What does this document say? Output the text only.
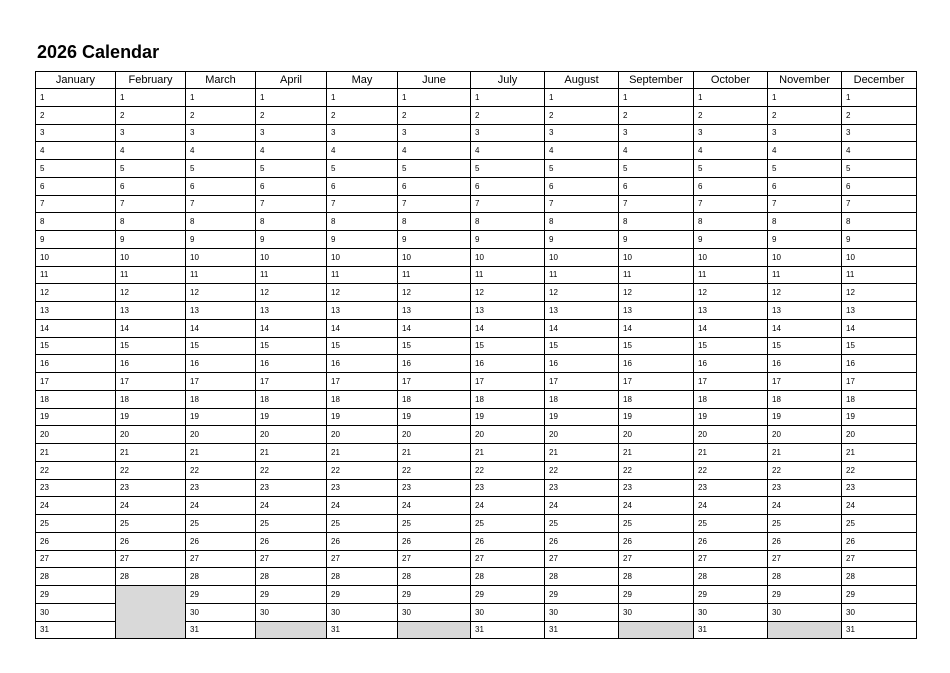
2026 Calendar
January	February	March	April	May	June	July	August	September	October	November	December
1	1	1	1	1	1	1	1	1	1	1	1
2	2	2	2	2	2	2	2	2	2	2	2
3	3	3	3	3	3	3	3	3	3	3	3
4	4	4	4	4	4	4	4	4	4	4	4
5	5	5	5	5	5	5	5	5	5	5	5
6	6	6	6	6	6	6	6	6	6	6	6
7	7	7	7	7	7	7	7	7	7	7	7
8	8	8	8	8	8	8	8	8	8	8	8
9	9	9	9	9	9	9	9	9	9	9	9
10	10	10	10	10	10	10	10	10	10	10	10
11	11	11	11	11	11	11	11	11	11	11	11
12	12	12	12	12	12	12	12	12	12	12	12
13	13	13	13	13	13	13	13	13	13	13	13
14	14	14	14	14	14	14	14	14	14	14	14
15	15	15	15	15	15	15	15	15	15	15	15
16	16	16	16	16	16	16	16	16	16	16	16
17	17	17	17	17	17	17	17	17	17	17	17
18	18	18	18	18	18	18	18	18	18	18	18
19	19	19	19	19	19	19	19	19	19	19	19
20	20	20	20	20	20	20	20	20	20	20	20
21	21	21	21	21	21	21	21	21	21	21	21
22	22	22	22	22	22	22	22	22	22	22	22
23	23	23	23	23	23	23	23	23	23	23	23
24	24	24	24	24	24	24	24	24	24	24	24
25	25	25	25	25	25	25	25	25	25	25	25
26	26	26	26	26	26	26	26	26	26	26	26
27	27	27	27	27	27	27	27	27	27	27	27
28	28	28	28	28	28	28	28	28	28	28	28
29		29	29	29	29	29	29	29	29	29	29
30		30	30	30	30	30	30	30	30	30	30
31		31		31		31	31		31		31
